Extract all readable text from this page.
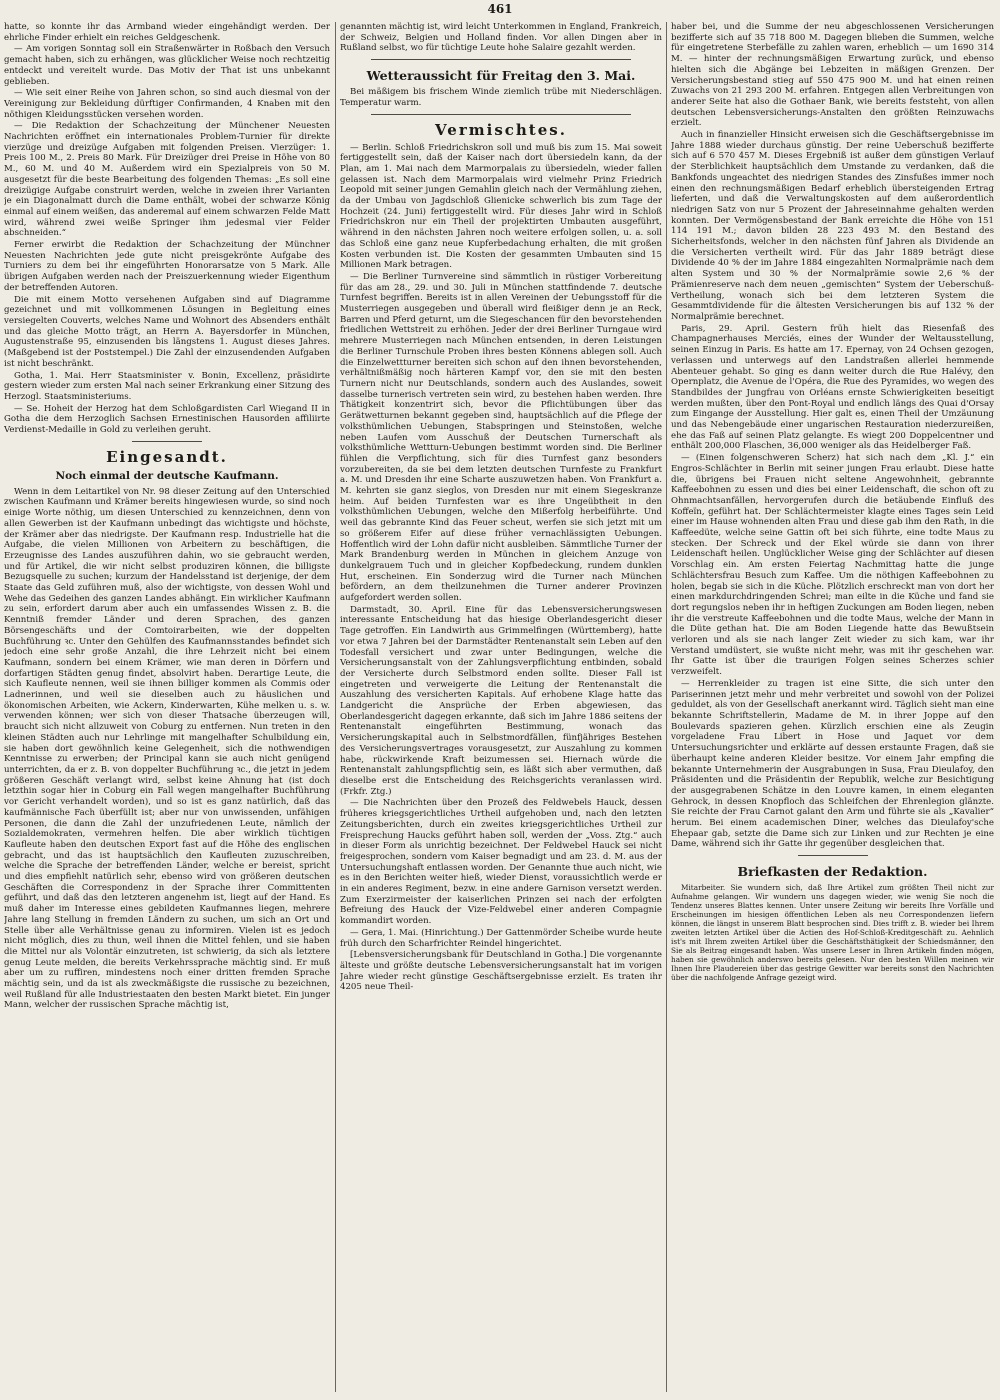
461

hatte, so konnte ihr das Armband wieder eingehändigt werden. Der ehrliche Finder erhielt ein reiches Geldgeschenk.

— Am vorigen Sonntag soll ein Straßenwärter in Roßbach den Versuch gemacht haben, sich zu erhängen, was glücklicher Weise noch rechtzeitig entdeckt und vereitelt wurde. Das Motiv der That ist uns unbekannt geblieben.

— Wie seit einer Reihe von Jahren schon, so sind auch diesmal von der Vereinigung zur Bekleidung dürftiger Confirmanden, 4 Knaben mit den nöthigen Kleidungsstücken versehen worden.

— Die Redaktion der Schachzeitung der Münchener Neuesten Nachrichten eröffnet ein internationales Problem-Turnier für direkte vierzüge und dreizüge Aufgaben mit folgenden Preisen. Vierzüger: 1. Preis 100 M., 2. Preis 80 Mark. Für Dreizüger drei Preise in Höhe von 80 M., 60 M. und 40 M. Außerdem wird ein Spezialpreis von 50 M. ausgesetzt für die beste Bearbeitung des folgenden Themas: „Es soll eine dreizügige Aufgabe construirt werden, welche in zweien ihrer Varianten je ein Diagonalmatt durch die Dame enthält, wobei der schwarze König einmal auf einem weißen, das anderemal auf einem schwarzen Felde Matt wird, während zwei weiße Springer ihm jedesmal vier Felder abschneiden.“

Ferner erwirbt die Redaktion der Schachzeitung der Münchner Neuesten Nachrichten jede gute nicht preisgekrönte Aufgabe des Turniers zu dem bei ihr eingeführten Honorarsatze von 5 Mark. Alle übrigen Aufgaben werden nach der Preiszuerkennung wieder Eigenthum der betreffenden Autoren.

Die mit einem Motto versehenen Aufgaben sind auf Diagramme gezeichnet und mit vollkommenen Lösungen in Begleitung eines versiegelten Couverts, welches Name und Wohnort des Absenders enthält und das gleiche Motto trägt, an Herrn A. Bayersdorfer in München, Augustenstraße 95, einzusenden bis längstens 1. August dieses Jahres. (Maßgebend ist der Poststempel.) Die Zahl der einzusendenden Aufgaben ist nicht beschränkt.

Gotha, 1. Mai. Herr Staatsminister v. Bonin, Excellenz, präsidirte gestern wieder zum ersten Mal nach seiner Erkrankung einer Sitzung des Herzogl. Staatsministeriums.

— Se. Hoheit der Herzog hat dem Schloßgardisten Carl Wiegand II in Gotha die dem Herzoglich Sachsen Ernestinischen Hausorden affiliirte Verdienst-Medaille in Gold zu verleihen geruht.

Eingesandt.
Noch einmal der deutsche Kaufmann.

Wenn in dem Leitartikel von Nr. 98 dieser Zeitung auf den Unterschied zwischen Kaufmann und Krämer bereits hingewiesen wurde, so sind noch einige Worte nöthig, um diesen Unterschied zu kennzeichnen, denn von allen Gewerben ist der Kaufmann unbedingt das wichtigste und höchste, der Krämer aber das niedrigste. Der Kaufmann resp. Industrielle hat die Aufgabe, die vielen Millionen von Arbeitern zu beschäftigen, die Erzeugnisse des Landes auszuführen dahin, wo sie gebraucht werden, und für Artikel, die wir nicht selbst produziren können, die billigste Bezugsquelle zu suchen; kurzum der Handelsstand ist derjenige, der dem Staate das Geld zuführen muß, also der wichtigste, von dessen Wohl und Wehe das Gedeihen des ganzen Landes abhängt. Ein wirklicher Kaufmann zu sein, erfordert darum aber auch ein umfassendes Wissen z. B. die Kenntniß fremder Länder und deren Sprachen, des ganzen Börsengeschäfts und der Comtoirarbeiten, wie der doppelten Buchführung ꝛc. Unter den Gehülfen des Kaufmannsstandes befindet sich jedoch eine sehr große Anzahl, die ihre Lehrzeit nicht bei einem Kaufmann, sondern bei einem Krämer, wie man deren in Dörfern und dorfartigen Städten genug findet, absolvirt haben. Derartige Leute, die sich Kaufleute nennen, weil sie ihnen billiger kommen als Commis oder Ladnerinnen, und weil sie dieselben auch zu häuslichen und ökonomischen Arbeiten, wie Ackern, Kinderwarten, Kühe melken u. s. w. verwenden können; wer sich von dieser Thatsache überzeugen will, braucht sich nicht allzuweit von Coburg zu entfernen. Nun treten in den kleinen Städten auch nur Lehrlinge mit mangelhafter Schulbildung ein, sie haben dort gewöhnlich keine Gelegenheit, sich die nothwendigen Kenntnisse zu erwerben; der Principal kann sie auch nicht genügend unterrichten, da er z. B. von doppelter Buchführung ꝛc., die jetzt in jedem größeren Geschäft verlangt wird, selbst keine Ahnung hat (ist doch letzthin sogar hier in Coburg ein Fall wegen mangelhafter Buchführung vor Gericht verhandelt worden), und so ist es ganz natürlich, daß das kaufmännische Fach überfüllt ist; aber nur von unwissenden, unfähigen Personen, die dann die Zahl der unzufriedenen Leute, nämlich der Sozialdemokraten, vermehren helfen. Die aber wirklich tüchtigen Kaufleute haben den deutschen Export fast auf die Höhe des englischen gebracht, und das ist hauptsächlich den Kaufleuten zuzuschreiben, welche die Sprache der betreffenden Länder, welche er bereist, spricht und dies empfiehlt natürlich sehr, ebenso wird von größeren deutschen Geschäften die Correspondenz in der Sprache ihrer Committenten geführt, und daß das den letzteren angenehm ist, liegt auf der Hand. Es muß daher im Interesse eines gebildeten Kaufmannes liegen, mehrere Jahre lang Stellung in fremden Ländern zu suchen, um sich an Ort und Stelle über alle Verhältnisse genau zu informiren. Vielen ist es jedoch nicht möglich, dies zu thun, weil ihnen die Mittel fehlen, und sie haben die Mittel nur als Volontär einzutreten, ist schwierig, da sich als letztere genug Leute melden, die bereits Verkehrssprache mächtig sind. Er muß aber um zu ruffiren, mindestens noch einer dritten fremden Sprache mächtig sein, und da ist als zweckmäßigste die russische zu bezeichnen, weil Rußland für alle Industriestaaten den besten Markt bietet. Ein junger Mann, welcher der russischen Sprache mächtig ist,

genannten mächtig ist, wird leicht Unterkommen in England, Frankreich, der Schweiz, Belgien und Holland finden. Vor allen Dingen aber in Rußland selbst, wo für tüchtige Leute hohe Salaire gezahlt werden.

Wetteraussicht für Freitag den 3. Mai.

Bei mäßigem bis frischem Winde ziemlich trübe mit Niederschlägen. Temperatur warm.

Vermischtes.

— Berlin. Schloß Friedrichskron soll und muß bis zum 15. Mai soweit fertiggestellt sein, daß der Kaiser nach dort übersiedeln kann, da der Plan, am 1. Mai nach dem Marmorpalais zu übersiedeln, wieder fallen gelassen ist. Nach dem Marmorpalais wird vielmehr Prinz Friedrich Leopold mit seiner jungen Gemahlin gleich nach der Vermählung ziehen, da der Umbau von Jagdschloß Glienicke schwerlich bis zum Tage der Hochzeit (24. Juni) fertiggestellt wird. Für dieses Jahr wird in Schloß Friedrichskron nur ein Theil der projektirten Umbauten ausgeführt, während in den nächsten Jahren noch weitere erfolgen sollen, u. a. soll das Schloß eine ganz neue Kupferbedachung erhalten, die mit großen Kosten verbunden ist. Die Kosten der gesammten Umbauten sind 15 Millionen Mark betragen.

— Die Berliner Turnvereine sind sämmtlich in rüstiger Vorbereitung für das am 28., 29. und 30. Juli in München stattfindende 7. deutsche Turnfest begriffen. Bereits ist in allen Vereinen der Uebungsstoff für die Musterriegen ausgegeben und überall wird fleißiger denn je an Reck, Barren und Pferd geturnt, um die Siegeschancen für den bevorstehenden friedlichen Wettstreit zu erhöhen. Jeder der drei Berliner Turngaue wird mehrere Musterriegen nach München entsenden, in deren Leistungen die Berliner Turnschule Proben ihres besten Könnens ablegen soll. Auch die Einzelwettturner bereiten sich schon auf den ihnen bevorstehenden, verhältnißmäßig noch härteren Kampf vor, den sie mit den besten Turnern nicht nur Deutschlands, sondern auch des Auslandes, soweit dasselbe turnerisch vertreten sein wird, zu bestehen haben werden. Ihre Thätigkeit konzentrirt sich, bevor die Pflichtübungen über das Gerätwetturnen bekannt gegeben sind, hauptsächlich auf die Pflege der volksthümlichen Uebungen, Stabspringen und Steinstoßen, welche neben Laufen vom Ausschuß der Deutschen Turnerschaft als volksthümliche Wettturn-Uebungen bestimmt worden sind. Die Berliner fühlen die Verpflichtung, sich für dies Turnfest ganz besonders vorzubereiten, da sie bei dem letzten deutschen Turnfeste zu Frankfurt a. M. und Dresden ihr eine Scharte auszuwetzen haben. Von Frankfurt a. M. kehrten sie ganz sieglos, von Dresden nur mit einem Siegeskranze heim. Auf beiden Turnfesten war es ihre Ungeübtheit in den volksthümlichen Uebungen, welche den Mißerfolg herbeiführte. Und weil das gebrannte Kind das Feuer scheut, werfen sie sich jetzt mit um so größerem Eifer auf diese früher vernachlässigten Uebungen. Hoffentlich wird der Lohn dafür nicht ausbleiben. Sämmtliche Turner der Mark Brandenburg werden in München in gleichem Anzuge von dunkelgrauem Tuch und in gleicher Kopfbedeckung, rundem dunklen Hut, erscheinen. Ein Sonderzug wird die Turner nach München befördern, an dem theilzunehmen die Turner anderer Provinzen aufgefordert werden sollen.

Darmstadt, 30. April. Eine für das Lebensversicherungswesen interessante Entscheidung hat das hiesige Oberlandesgericht dieser Tage getroffen. Ein Landwirth aus Grimmelfingen (Württemberg), hatte vor etwa 7 Jahren bei der Darmstädter Rentenanstalt sein Leben auf den Todesfall versichert und zwar unter Bedingungen, welche die Versicherungsanstalt von der Zahlungsverpflichtung entbinden, sobald der Versicherte durch Selbstmord enden sollte. Dieser Fall ist eingetreten und verweigerte die Leitung der Rentenanstalt die Auszahlung des versicherten Kapitals. Auf erhobene Klage hatte das Landgericht die Ansprüche der Erben abgewiesen, das Oberlandesgericht dagegen erkannte, daß sich im Jahre 1886 seitens der Rentenanstalt eingeführten Bestimmung, wonach das Versicherungskapital auch in Selbstmordfällen, fünfjähriges Bestehen des Versicherungsvertrages vorausgesetzt, zur Auszahlung zu kommen habe, rückwirkende Kraft beizumessen sei. Hiernach würde die Rentenanstalt zahlungspflichtig sein, es läßt sich aber vermuthen, daß dieselbe erst die Entscheidung des Reichsgerichts veranlassen wird. (Frkfr. Ztg.)

— Die Nachrichten über den Prozeß des Feldwebels Hauck, dessen früheres kriegsgerichtliches Urtheil aufgehoben und, nach den letzten Zeitungsberichten, durch ein zweites kriegsgerichtliches Urtheil zur Freisprechung Haucks geführt haben soll, werden der „Voss. Ztg.“ auch in dieser Form als unrichtig bezeichnet. Der Feldwebel Hauck sei nicht freigesprochen, sondern vom Kaiser begnadigt und am 23. d. M. aus der Untersuchungshaft entlassen worden. Der Genannte thue auch nicht, wie es in den Berichten weiter hieß, wieder Dienst, voraussichtlich werde er in ein anderes Regiment, bezw. in eine andere Garnison versetzt werden. Zum Exerzirmeister der kaiserlichen Prinzen sei nach der erfolgten Befreiung des Hauck der Vize-Feldwebel einer anderen Compagnie kommandirt worden.

— Gera, 1. Mai. (Hinrichtung.) Der Gattenmörder Scheibe wurde heute früh durch den Scharfrichter Reindel hingerichtet.

[Lebensversicherungsbank für Deutschland in Gotha.] Die vorgenannte älteste und größte deutsche Lebensversicherungsanstalt hat im vorigen Jahre wieder recht günstige Geschäftsergebnisse erzielt. Es traten ihr 4205 neue Theil-

haber bei, und die Summe der neu abgeschlossenen Versicherungen bezifferte sich auf 35 718 800 M. Dagegen blieben die Summen, welche für eingetretene Sterbefälle zu zahlen waren, erheblich — um 1690 314 M. — hinter der rechnungsmäßigen Erwartung zurück, und ebenso hielten sich die Abgänge bei Lebzeiten in mäßigen Grenzen. Der Versicherungsbestand stieg auf 550 475 900 M. und hat einen reinen Zuwachs von 21 293 200 M. erfahren. Entgegen allen Verbreitungen von anderer Seite hat also die Gothaer Bank, wie bereits feststeht, von allen deutschen Lebensversicherungs-Anstalten den größten Reinzuwachs erzielt.

Auch in finanzieller Hinsicht erweisen sich die Geschäftsergebnisse im Jahre 1888 wieder durchaus günstig. Der reine Ueberschuß bezifferte sich auf 6 570 457 M. Dieses Ergebniß ist außer dem günstigen Verlauf der Sterblichkeit hauptsächlich dem Umstande zu verdanken, daß die Bankfonds ungeachtet des niedrigen Standes des Zinsfußes immer noch einen den rechnungsmäßigen Bedarf erheblich übersteigenden Ertrag lieferten, und daß die Verwaltungskosten auf dem außerordentlich niedrigen Satz von nur 5 Prozent der Jahreseinnahme gehalten werden konnten. Der Vermögensbestand der Bank erreichte die Höhe von 151 114 191 M.; davon bilden 28 223 493 M. den Bestand des Sicherheitsfonds, welcher in den nächsten fünf Jahren als Dividende an die Versicherten vertheilt wird. Für das Jahr 1889 beträgt diese Dividende 40 % der im Jahre 1884 eingezahlten Normalprämie nach dem alten System und 30 % der Normalprämie sowie 2,6 % der Prämienreserve nach dem neuen „gemischten“ System der Ueberschuß-Vertheilung, wonach sich bei dem letzteren System die Gesammtdividende für die ältesten Versicherungen bis auf 132 % der Normalprämie berechnet.

Paris, 29. April. Gestern früh hielt das Riesenfaß des Champagnerhauses Merciés, eines der Wunder der Weltausstellung, seinen Einzug in Paris. Es hatte am 17. Epernay, von 24 Ochsen gezogen, verlassen und unterwegs auf den Landstraßen allerlei hemmende Abenteuer gehabt. So ging es dann weiter durch die Rue Halévy, den Opernplatz, die Avenue de l'Opéra, die Rue des Pyramides, wo wegen des Standbildes der Jungfrau von Orléans ernste Schwierigkeiten beseitigt werden mußten, über den Pont-Royal und endlich längs des Quai d'Orsay zum Eingange der Ausstellung. Hier galt es, einen Theil der Umzäunung und das Nebengebäude einer ungarischen Restauration niederzureißen, ehe das Faß auf seinen Platz gelangte. Es wiegt 200 Doppelcentner und enthält 200,000 Flaschen, 36,000 weniger als das Heidelberger Faß.

— (Einen folgenschweren Scherz) hat sich nach dem „Kl. J.“ ein Engros-Schlächter in Berlin mit seiner jungen Frau erlaubt. Diese hatte die, übrigens bei Frauen nicht seltene Angewohnheit, gebrannte Kaffeebohnen zu essen und dies bei einer Leidenschaft, die schon oft zu Ohnmachtsanfällen, hervorgerufen durch die betäubende Einfluß des Koffeïn, geführt hat. Der Schlächtermeister klagte eines Tages sein Leid einer im Hause wohnenden alten Frau und diese gab ihm den Rath, in die Kaffeedüte, welche seine Gattin oft bei sich führte, eine todte Maus zu stecken. Der Schreck und der Ekel würde sie dann von ihrer Leidenschaft heilen. Unglücklicher Weise ging der Schlächter auf diesen Vorschlag ein. Am ersten Feiertag Nachmittag hatte die junge Schlächtersfrau Besuch zum Kaffee. Um die nöthigen Kaffeebohnen zu holen, begab sie sich in die Küche. Plötzlich erschreckt man von dort her einen markdurchdringenden Schrei; man eilte in die Küche und fand sie dort regungslos neben ihr in heftigen Zuckungen am Boden liegen, neben ihr die verstreute Kaffeebohnen und die todte Maus, welche der Mann in die Düte gethan hat. Die am Boden Liegende hatte das Bewußtsein verloren und als sie nach langer Zeit wieder zu sich kam, war ihr Verstand umdüstert, sie wußte nicht mehr, was mit ihr geschehen war. Ihr Gatte ist über die traurigen Folgen seines Scherzes schier verzweifelt.

— Herrenkleider zu tragen ist eine Sitte, die sich unter den Pariserinnen jetzt mehr und mehr verbreitet und sowohl von der Polizei geduldet, als von der Gesellschaft anerkannt wird. Täglich sieht man eine bekannte Schriftstellerin, Madame de M. in ihrer Joppe auf den Boulevards spazieren gehen. Kürzlich erschien eine als Zeugin vorgeladene Frau Libert in Hose und Jaquet vor dem Untersuchungsrichter und erklärte auf dessen erstaunte Fragen, daß sie überhaupt keine anderen Kleider besitze. Vor einem Jahr empfing die bekannte Unternehmerin der Ausgrabungen in Susa, Frau Dieulafoy, den Präsidenten und die Präsidentin der Republik, welche zur Besichtigung der ausgegrabenen Schätze in den Louvre kamen, in einem eleganten Gehrock, in dessen Knopfloch das Schleifchen der Ehrenlegion glänzte. Sie reichte der Frau Carnot galant den Arm und führte sie als „Kavalier“ herum. Bei einem academischen Diner, welches das Dieulafoy'sche Ehepaar gab, setzte die Dame sich zur Linken und zur Rechten je eine Dame, während sich ihr Gatte ihr gegenüber desgleichen that.

Briefkasten der Redaktion.

Mitarbeiter. Sie wundern sich, daß Ihre Artikel zum größten Theil nicht zur Aufnahme gelangen. Wir wundern uns dagegen wieder, wie wenig Sie noch die Tendenz unseres Blattes kennen. Unter unsere Zeitung wir bereits Ihre Vorfälle und Erscheinungen im hiesigen öffentlichen Leben als neu Correspondenzen liefern können, die längst in unserem Blatt besprochen sind. Dies trifft z. B. wieder bei Ihrem zweiten letzten Artikel über die Actien des Hof-Schloß-Kreditgeschäft zu. Aehnlich ist's mit Ihrem zweiten Artikel über die Geschäftsthätigkeit der Schiedsmänner, den Sie als Beitrag eingesandt haben. Was unsere Leser in Ihren Artikeln finden mögen, haben sie gewöhnlich anderswo bereits gelesen. Nur den besten Willen meinen wir Ihnen Ihre Plaudereien über das gestrige Gewitter war bereits sonst den Nachrichten über die nachfolgende Anfrage gezeigt wird.
